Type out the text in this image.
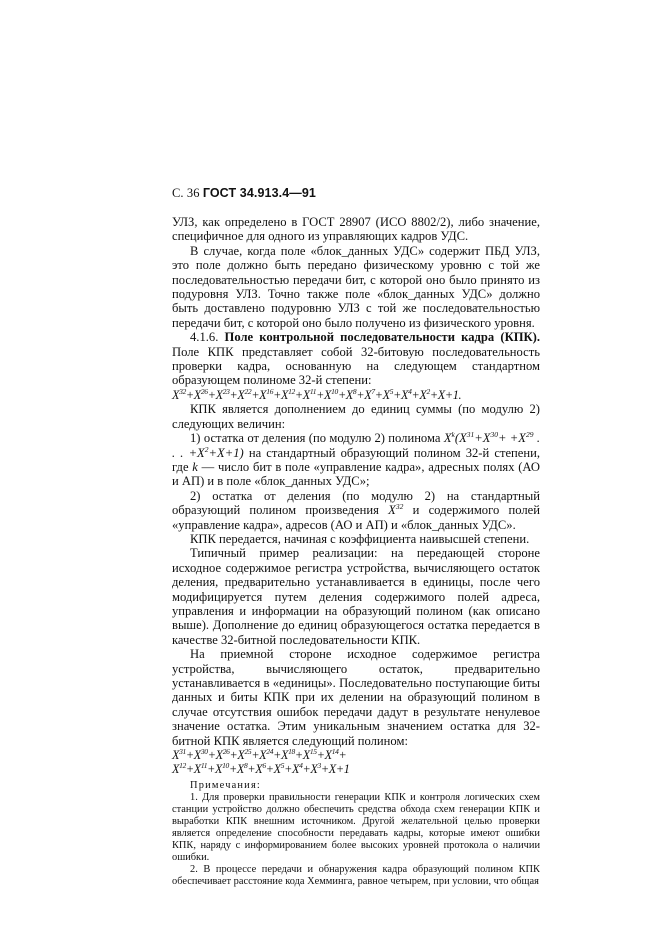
С. 36 ГОСТ 34.913.4—91

УЛЗ, как определено в ГОСТ 28907 (ИСО 8802/2), либо значение, специфичное для одного из управляющих кадров УДС.

В случае, когда поле «блок_данных УДС» содержит ПБД УЛЗ, это поле должно быть передано физическому уровню с той же последовательностью передачи бит, с которой оно было принято из подуровня УЛЗ. Точно также поле «блок_данных УДС» должно быть доставлено подуровню УЛЗ с той же последовательностью передачи бит, с которой оно было получено из физического уровня.

4.1.6. Поле контрольной последовательности кадра (КПК). Поле КПК представляет собой 32-битовую последовательность проверки кадра, основанную на следующем стандартном образующем полиноме 32-й степени:

$X^{32}+X^{26}+X^{23}+X^{22}+X^{16}+X^{12}+X^{11}+X^{10}+X^8+X^7+X^5+X^4+X^2+X+1$.

КПК является дополнением до единиц суммы (по модулю 2) следующих величин:

1) остатка от деления (по модулю 2) полинома $X^k(X^{31}+X^{30}+ +X^{29}$ . . . $+X^2+X+1$) на стандартный образующий полином 32-й степени, где k — число бит в поле «управление кадра», адресных полях (АО и АП) и в поле «блок_данных УДС»;

2) остатка от деления (по модулю 2) на стандартный образующий полином произведения $X^{32}$ и содержимого полей «управление кадра», адресов (АО и АП) и «блок_данных УДС».

КПК передается, начиная с коэффициента наивысшей степени.

Типичный пример реализации: на передающей стороне исходное содержимое регистра устройства, вычисляющего остаток деления, предварительно устанавливается в единицы, после чего модифицируется путем деления содержимого полей адреса, управления и информации на образующий полином (как описано выше). Дополнение до единиц образующегося остатка передается в качестве 32-битной последовательности КПК.

На приемной стороне исходное содержимое регистра устройства, вычисляющего остаток, предварительно устанавливается в «единицы». Последовательно поступающие биты данных и биты КПК при их делении на образующий полином в случае отсутствия ошибок передачи дадут в результате ненулевое значение остатка. Этим уникальным значением остатка для 32-битной КПК является следующий полином:

$X^{31}+X^{30}+X^{26}+X^{25}+X^{24}+X^{18}+X^{15}+X^{14}+$

$X^{12}+X^{11}+X^{10}+X^8+X^6+X^5+X^4+X^3+X+1$

Примечания:

1. Для проверки правильности генерации КПК и контроля логических схем станции устройство должно обеспечить средства обхода схем генерации КПК и выработки КПК внешним источником. Другой желательной целью проверки является определение способности передавать кадры, которые имеют ошибки КПК, наряду с информированием более высоких уровней протокола о наличии ошибки.

2. В процессе передачи и обнаружения кадра образующий полином КПК обеспечивает расстояние кода Хемминга, равное четырем, при условии, что общая
